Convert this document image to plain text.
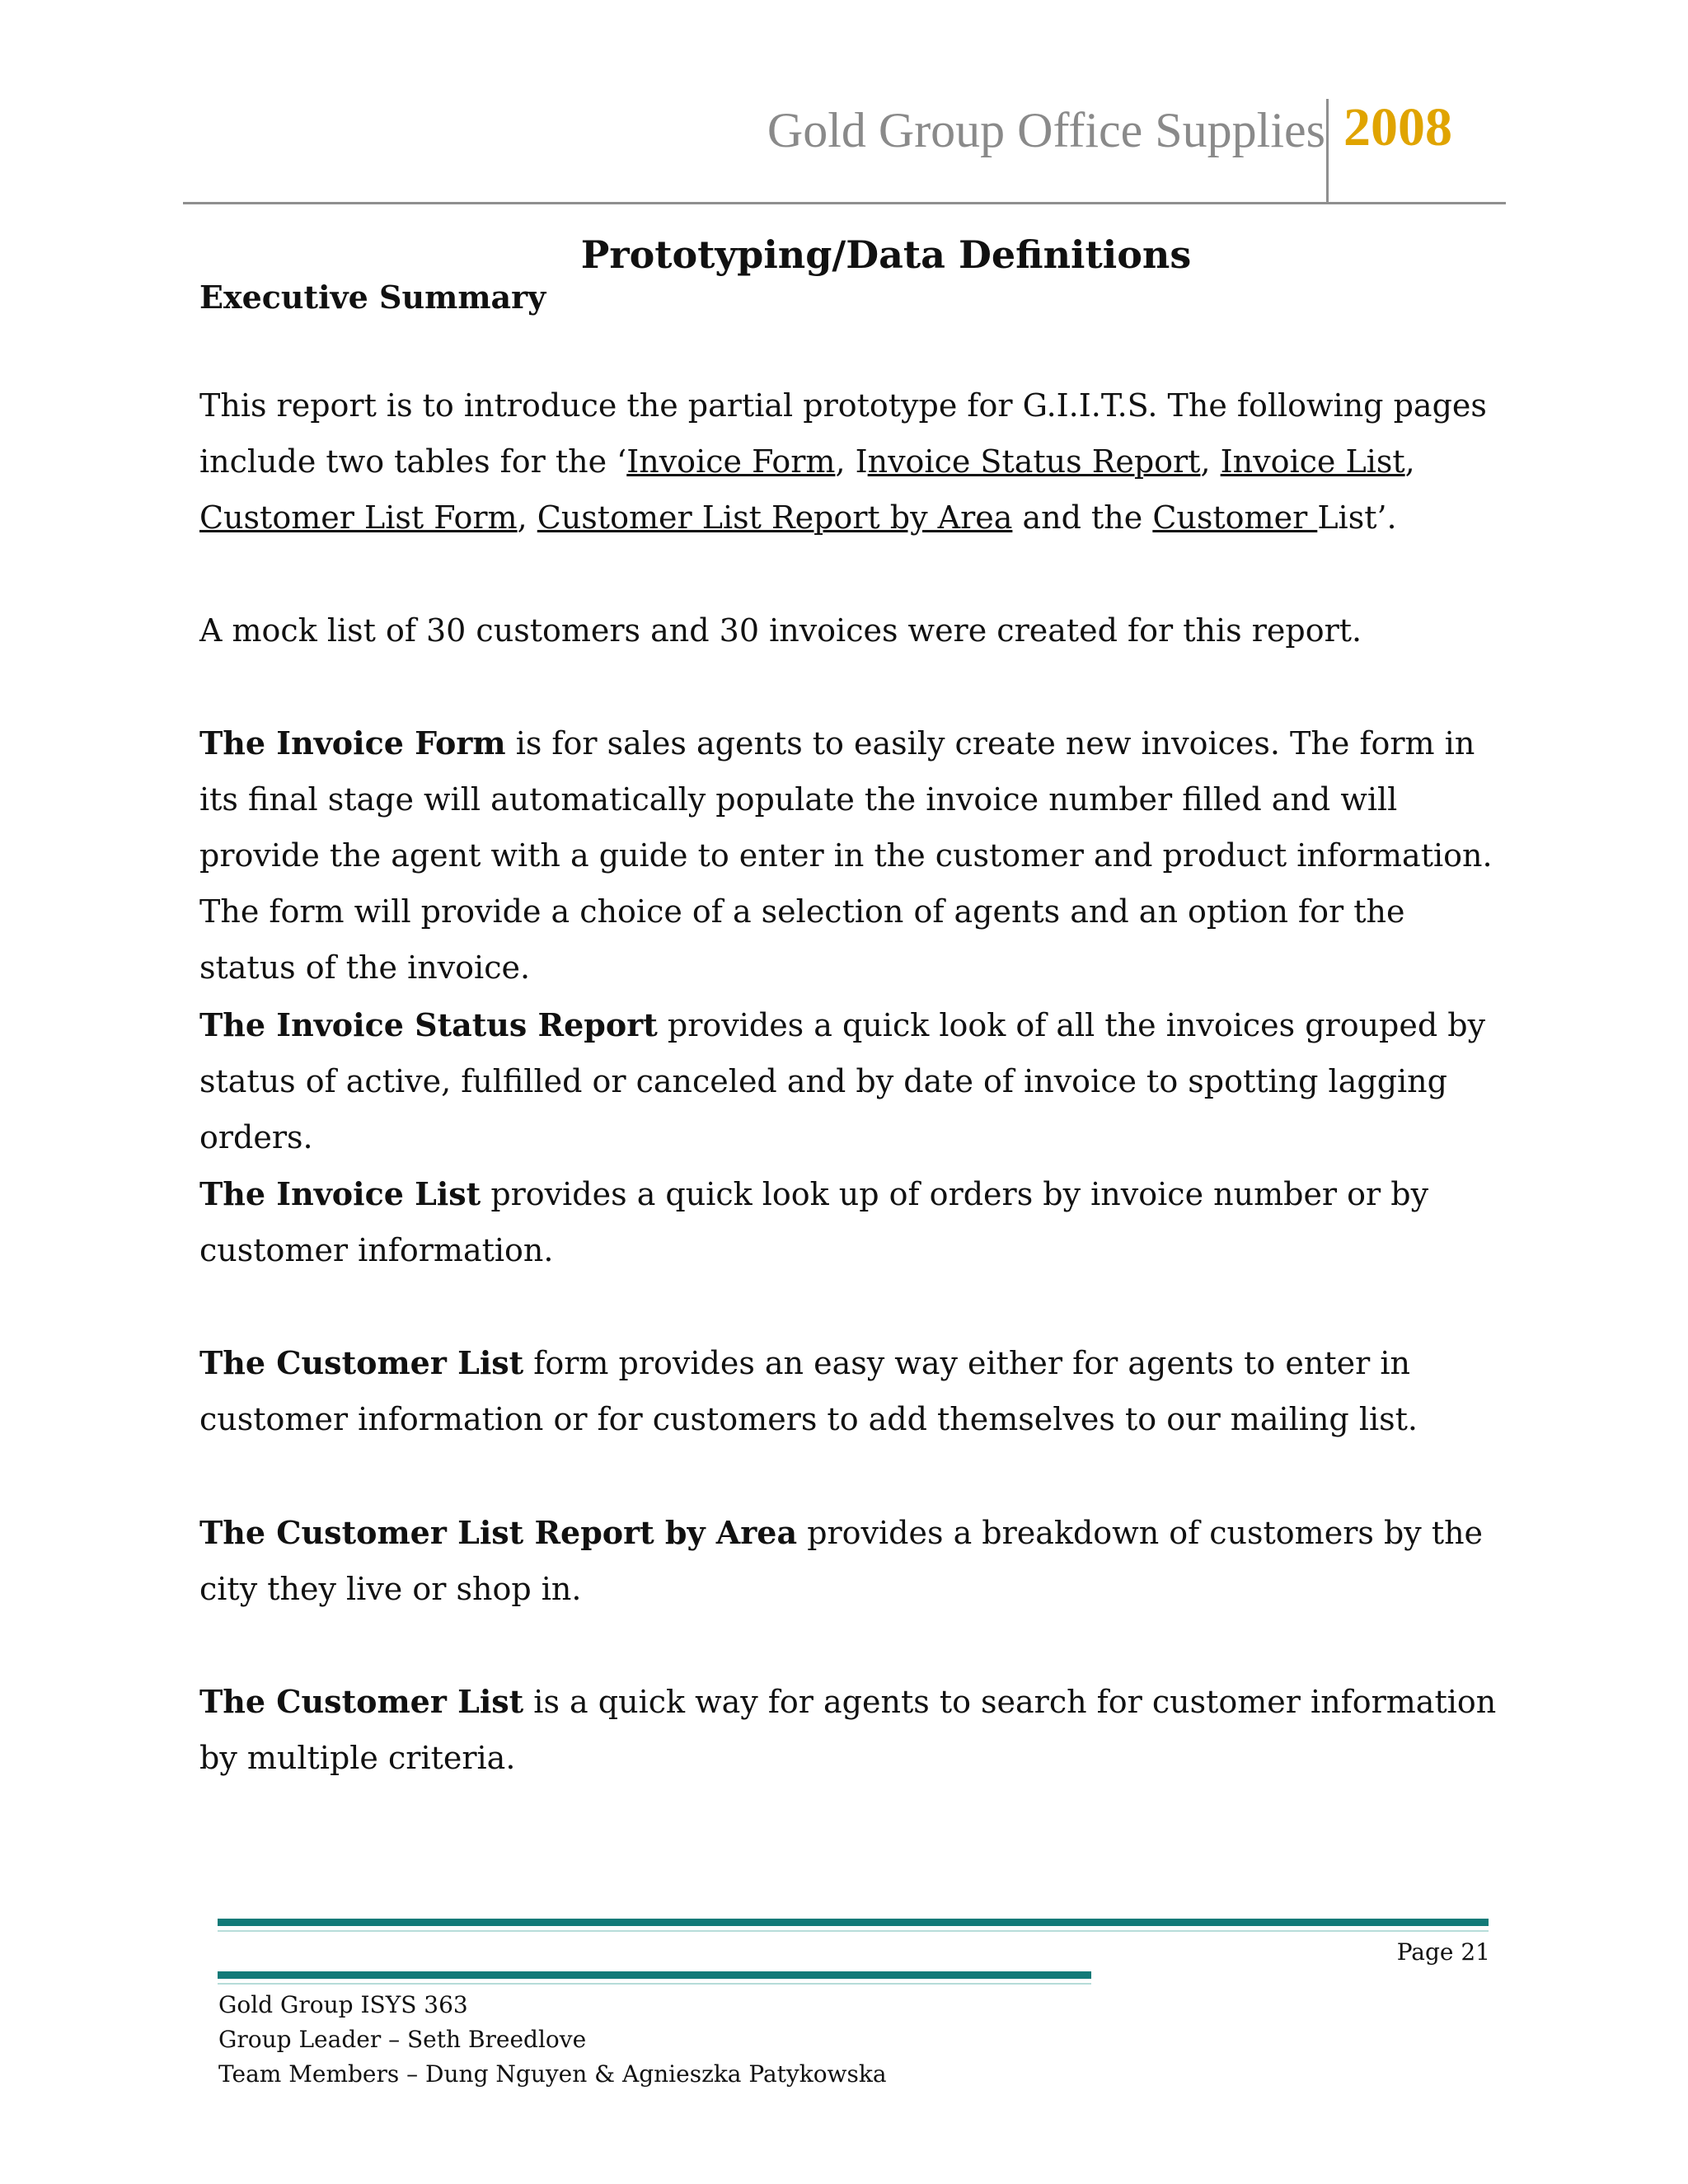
Gold Group Office Supplies 2008
Prototyping/Data Definitions
Executive Summary
This report is to introduce the partial prototype for G.I.I.T.S. The following pages include two tables for the ‘Invoice Form, Invoice Status Report, Invoice List, Customer List Form, Customer List Report by Area and the Customer List’.
A mock list of 30 customers and 30 invoices were created for this report.
The Invoice Form is for sales agents to easily create new invoices. The form in its final stage will automatically populate the invoice number filled and will provide the agent with a guide to enter in the customer and product information. The form will provide a choice of a selection of agents and an option for the status of the invoice.
The Invoice Status Report provides a quick look of all the invoices grouped by status of active, fulfilled or canceled and by date of invoice to spotting lagging orders.
The Invoice List provides a quick look up of orders by invoice number or by customer information.
The Customer List form provides an easy way either for agents to enter in customer information or for customers to add themselves to our mailing list.
The Customer List Report by Area provides a breakdown of customers by the city they live or shop in.
The Customer List is a quick way for agents to search for customer information by multiple criteria.
Page 21
Gold Group ISYS 363
Group Leader – Seth Breedlove
Team Members – Dung Nguyen & Agnieszka Patykowska
